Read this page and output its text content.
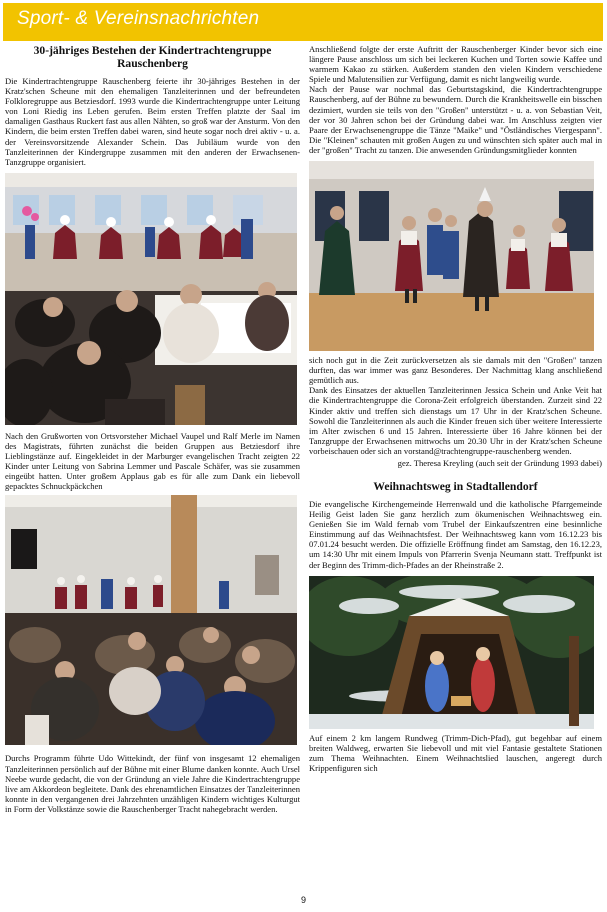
Sport- & Vereinsnachrichten
30-jähriges Bestehen der Kindertrachtengruppe Rauschenberg

Die Kindertrachtengruppe Rauschenberg feierte ihr 30-jähriges Bestehen in der Kratz'schen Scheune mit den ehemaligen Tanzleiterinnen und der befreundeten Folkloregruppe aus Betziesdorf. 1993 wurde die Kindertrachtengruppe unter Leitung von Loni Riedig ins Leben gerufen. Beim ersten Treffen platzte der Saal im damaligen Gasthaus Ruckert fast aus allen Nähten, so groß war der Ansturm. Von den Kindern, die beim ersten Treffen dabei waren, sind heute sogar noch drei aktiv - u. a. der Vereinsvorsitzende Alexander Schein. Das Jubiläum wurde von den Tanzleiterinnen der Kindergruppe zusammen mit den anderen der Erwachsenen-Tanzgruppe organisiert.

Nach den Grußworten von Ortsvorsteher Michael Vaupel und Ralf Merle im Namen des Magistrats, führten zunächst die beiden Gruppen aus Betziesdorf ihre Lieblingstänze auf. Eingekleidet in der Marburger evangelischen Tracht zeigten 22 Kinder unter Leitung von Sabrina Lemmer und Pascale Schäfer, was sie zusammen eingeübt hatten. Unter großem Applaus gab es für alle zum Dank ein liebevoll gepacktes Schnuckpäckchen

Durchs Programm führte Udo Wittekindt, der fünf von insgesamt 12 ehemaligen Tanzleiterinnen persönlich auf der Bühne mit einer Blume danken konnte. Auch Ursel Neebe wurde gedacht, die von der Gründung an viele Jahre die Kindertrachtengruppe live am Akkordeon begleitete. Dank des ehrenamtlichen Einsatzes der Tanzleiterinnen konnte in den vergangenen drei Jahrzehnten unzähligen Kindern wichtiges Kulturgut in Form der Volkstänze sowie die Rauschenberger Tracht nahegebracht werden.

Anschließend folgte der erste Auftritt der Rauschenberger Kinder bevor sich eine längere Pause anschloss um sich bei leckeren Kuchen und Torten sowie Kaffee und warmem Kakao zu stärken. Außerdem standen den vielen Kindern verschiedene Spiele und Malutensilien zur Verfügung, damit es nicht langweilig wurde.

Nach der Pause war nochmal das Geburtstagskind, die Kindertrachtengruppe Rauschenberg, auf der Bühne zu bewundern. Durch die Krankheitswelle ein bisschen dezimiert, wurden sie teils von den "Großen" unterstützt - u. a. von Sebastian Veit, der vor 30 Jahren schon bei der Gründung dabei war. Im Anschluss zeigten vier Paare der Erwachsenengruppe die Tänze "Maike" und "Östländisches Viergespann". Die "Kleinen" schauten mit großen Augen zu und wünschten sich später auch mal in der "großen" Tracht zu tanzen. Die anwesenden Gründungsmitglieder konnten

sich noch gut in die Zeit zurückversetzen als sie damals mit den "Großen" tanzen durften, das war immer was ganz Besonderes. Der Nachmittag klang anschließend gemütlich aus.

Dank des Einsatzes der aktuellen Tanzleiterinnen Jessica Schein und Anke Veit hat die Kindertrachtengruppe die Corona-Zeit erfolgreich überstanden. Zurzeit sind 22 Kinder aktiv und treffen sich dienstags um 17 Uhr in der Kratz'schen Scheune. Sowohl die Tanzleiterinnen als auch die Kinder freuen sich über weitere Interessierte im Alter zwischen 6 und 15 Jahren. Interessierte über 16 Jahre können bei der Tanzgruppe der Erwachsenen mittwochs um 20.30 Uhr in der Kratz'schen Scheune vorbeischauen oder sich an vorstand@trachtengruppe-rauschenberg wenden.

gez. Theresa Kreyling (auch seit der Gründung 1993 dabei)

Weihnachtsweg in Stadtallendorf

Die evangelische Kirchengemeinde Herrenwald und die katholische Pfarrgemeinde Heilig Geist laden Sie ganz herzlich zum ökumenischen Weihnachtsweg ein. Genießen Sie im Wald fernab vom Trubel der Einkaufszentren eine besinnliche Einstimmung auf das Weihnachtsfest. Der Weihnachtsweg kann vom 16.12.23 bis 07.01.24 besucht werden. Die offizielle Eröffnung findet am Samstag, den 16.12.23, um 14:30 Uhr mit einem Impuls von Pfarrerin Svenja Neumann statt. Treffpunkt ist der Beginn des Trimm-dich-Pfades an der Rheinstraße 2.

Auf einem 2 km langem Rundweg (Trimm-Dich-Pfad), gut begehbar auf einem breiten Waldweg, erwarten Sie liebevoll und mit viel Fantasie gestaltete Stationen zum Thema Weihnachten. Einem Weihnachtslied lauschen, angeregt durch Krippenfiguren sich

9
